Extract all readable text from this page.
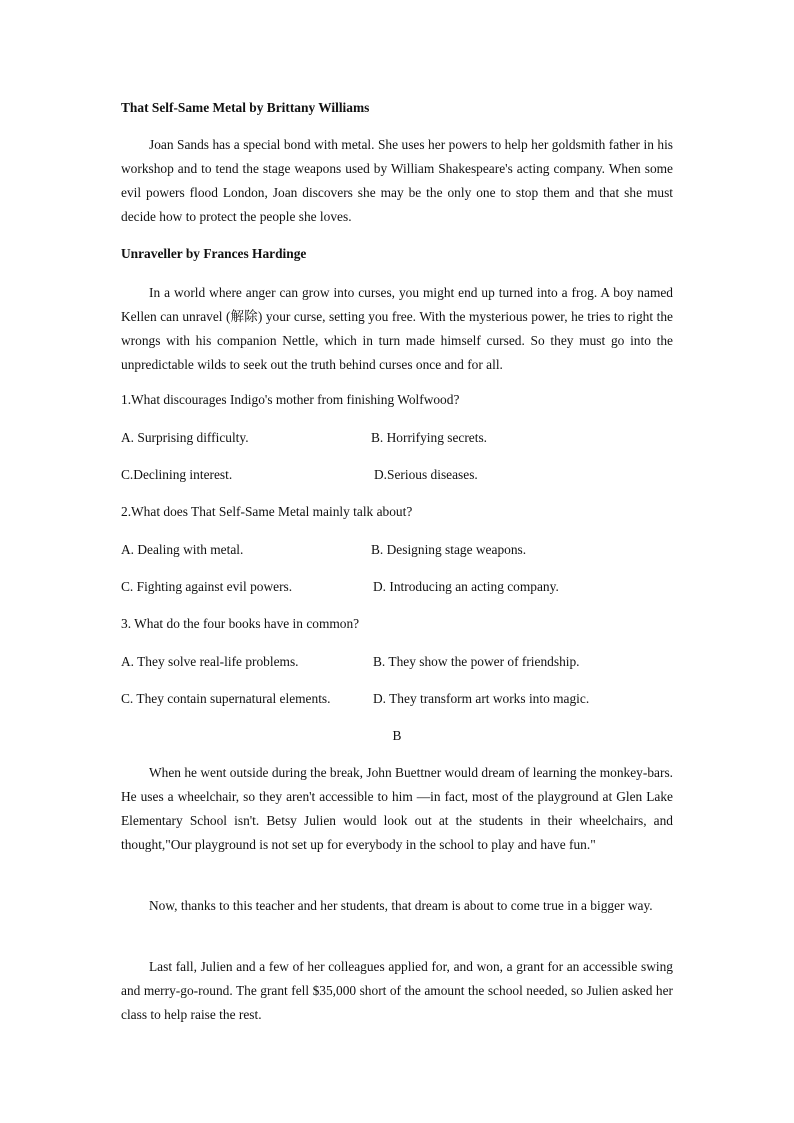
That Self-Same Metal by Brittany Williams
Joan Sands has a special bond with metal. She uses her powers to help her goldsmith father in his workshop and to tend the stage weapons used by William Shakespeare's acting company. When some evil powers flood London, Joan discovers she may be the only one to stop them and that she must decide how to protect the people she loves.
Unraveller by Frances Hardinge
In a world where anger can grow into curses, you might end up turned into a frog. A boy named Kellen can unravel (解除) your curse, setting you free. With the mysterious power, he tries to right the wrongs with his companion Nettle, which in turn made himself cursed. So they must go into the unpredictable wilds to seek out the truth behind curses once and for all.
1.What discourages Indigo's mother from finishing Wolfwood?
A. Surprising difficulty.	B. Horrifying secrets.
C.Declining interest.	D.Serious diseases.
2.What does That Self-Same Metal mainly talk about?
A. Dealing with metal.	B. Designing stage weapons.
C. Fighting against evil powers.	D. Introducing an acting company.
3. What do the four books have in common?
A. They solve real-life problems.	B. They show the power of friendship.
C. They contain supernatural elements.	D. They transform art works into magic.
B
When he went outside during the break, John Buettner would dream of learning the monkey-bars. He uses a wheelchair, so they aren't accessible to him —in fact, most of the playground at Glen Lake Elementary School isn't. Betsy Julien would look out at the students in their wheelchairs, and thought,"Our playground is not set up for everybody in the school to play and have fun."
Now, thanks to this teacher and her students, that dream is about to come true in a bigger way.
Last fall, Julien and a few of her colleagues applied for, and won, a grant for an accessible swing and merry-go-round. The grant fell $35,000 short of the amount the school needed, so Julien asked her class to help raise the rest.
